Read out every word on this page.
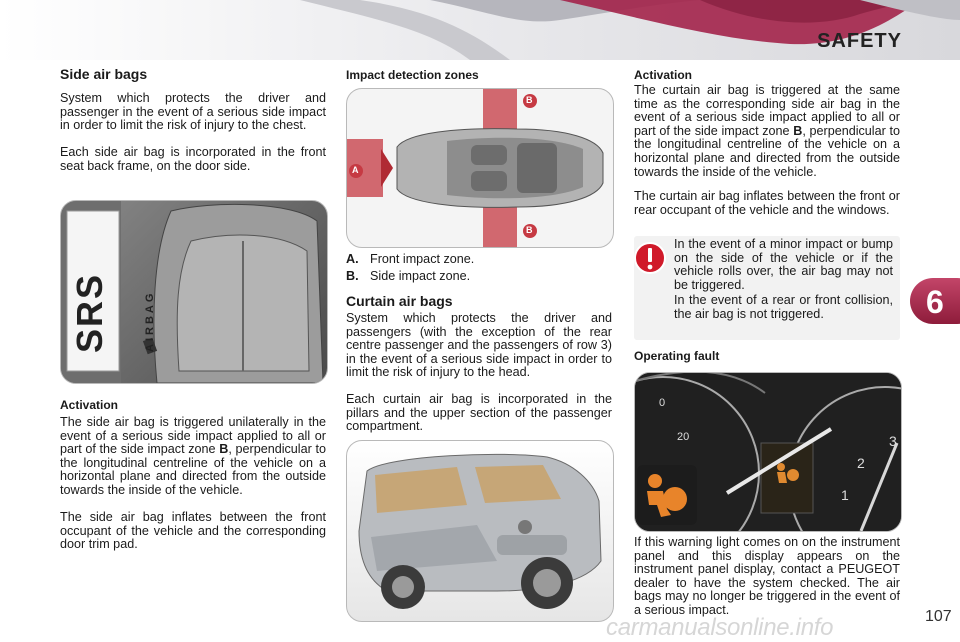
SAFETY
Side air bags

System which protects the driver and passenger in the event of a serious side impact in order to limit the risk of injury to the chest.

Each side air bag is incorporated in the front seat back frame, on the door side.

SRS	AIRBAG
Activation

The side air bag is triggered unilaterally in the event of a serious side impact applied to all or part of the side impact zone B, perpendicular to the longitudinal centreline of the vehicle on a horizontal plane and directed from the outside towards the inside of the vehicle.

The side air bag inflates between the front occupant of the vehicle and the corresponding door trim pad.

Impact detection zones
B
B
A
A. Front impact zone.
B. Side impact zone.
Curtain air bags

System which protects the driver and passengers (with the exception of the rear centre passenger and the passengers of row 3) in the event of a serious side impact in order to limit the risk of injury to the head.

Each curtain air bag is incorporated in the pillars and the upper section of the passenger compartment.

Activation

The curtain air bag is triggered at the same time as the corresponding side air bag in the event of a serious side impact applied to all or part of the side impact zone B, perpendicular to the longitudinal centreline of the vehicle on a horizontal plane and directed from the outside towards the inside of the vehicle.

The curtain air bag inflates between the front or rear occupant of the vehicle and the windows.

In the event of a minor impact or bump on the side of the vehicle or if the vehicle rolls over, the air bag may not be triggered.

In the event of a rear or front collision, the air bag is not triggered.

Operating fault
0
20
2
3
1

If this warning light comes on on the instrument panel and this display appears on the instrument panel display, contact a PEUGEOT dealer to have the system checked. The air bags may no longer be triggered in the event of a serious impact.

6
carmanualsonline.info	107
